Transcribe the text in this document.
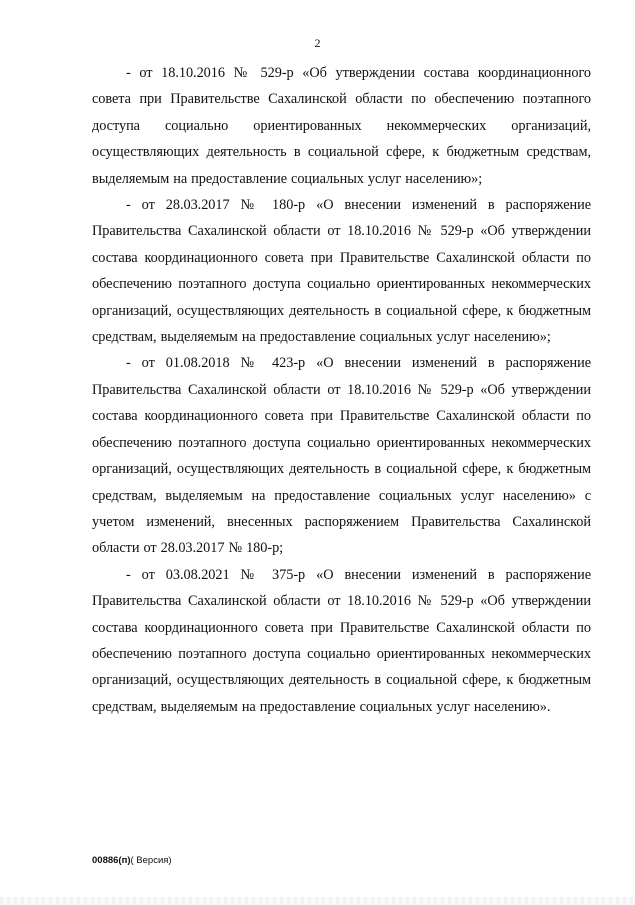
2

- от 18.10.2016 № 529-р «Об утверждении состава координационного совета при Правительстве Сахалинской области по обеспечению поэтапного доступа социально ориентированных некоммерческих организаций, осуществляющих деятельность в социальной сфере, к бюджетным средствам, выделяемым на предоставление социальных услуг населению»;

- от 28.03.2017 № 180-р «О внесении изменений в распоряжение Правительства Сахалинской области от 18.10.2016 № 529-р «Об утверждении состава координационного совета при Правительстве Сахалинской области по обеспечению поэтапного доступа социально ориентированных некоммерческих организаций, осуществляющих деятельность в социальной сфере, к бюджетным средствам, выделяемым на предоставление социальных услуг населению»;

- от 01.08.2018 № 423-р «О внесении изменений в распоряжение Правительства Сахалинской области от 18.10.2016 № 529-р «Об утверждении состава координационного совета при Правительстве Сахалинской области по обеспечению поэтапного доступа социально ориентированных некоммерческих организаций, осуществляющих деятельность в социальной сфере, к бюджетным средствам, выделяемым на предоставление социальных услуг населению» с учетом изменений, внесенных распоряжением Правительства Сахалинской области от 28.03.2017 № 180-р;

- от 03.08.2021 № 375-р «О внесении изменений в распоряжение Правительства Сахалинской области от 18.10.2016 № 529-р «Об утверждении состава координационного совета при Правительстве Сахалинской области по обеспечению поэтапного доступа социально ориентированных некоммерческих организаций, осуществляющих деятельность в социальной сфере, к бюджетным средствам, выделяемым на предоставление социальных услуг населению».

00886(п)( Версия)
